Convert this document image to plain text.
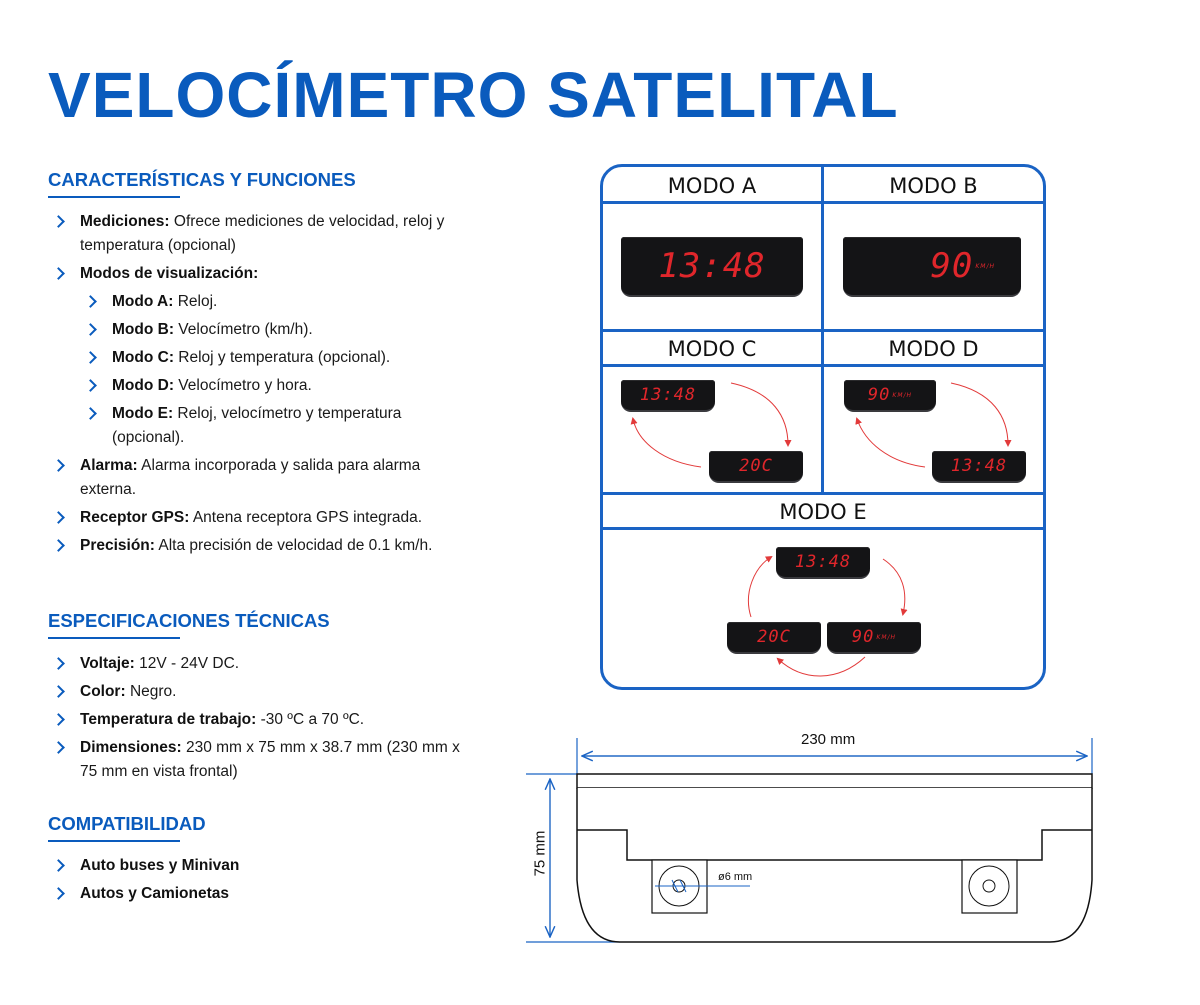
VELOCÍMETRO SATELITAL
CARACTERÍSTICAS Y FUNCIONES
Mediciones: Ofrece mediciones de velocidad, reloj y temperatura (opcional)
Modos de visualización:
Modo A: Reloj.
Modo B: Velocímetro (km/h).
Modo C: Reloj y temperatura (opcional).
Modo D: Velocímetro y hora.
Modo E: Reloj, velocímetro y temperatura (opcional).
Alarma: Alarma incorporada y salida para alarma externa.
Receptor GPS: Antena receptora GPS integrada.
Precisión: Alta precisión de velocidad de 0.1 km/h.
ESPECIFICACIONES TÉCNICAS
Voltaje: 12V - 24V DC.
Color: Negro.
Temperatura de trabajo: -30 ºC a 70 ºC.
Dimensiones: 230 mm x 75 mm x 38.7 mm (230 mm x 75 mm en vista frontal)
COMPATIBILIDAD
Auto buses y Minivan
Autos y Camionetas
MODO A	MODO B
MODO C	MODO D
MODO E
13:48	90 KM/H
13:48
20C
90 KM/H
13:48
13:48
20C	90 KM/H
230 mm
75 mm
ø6 mm
